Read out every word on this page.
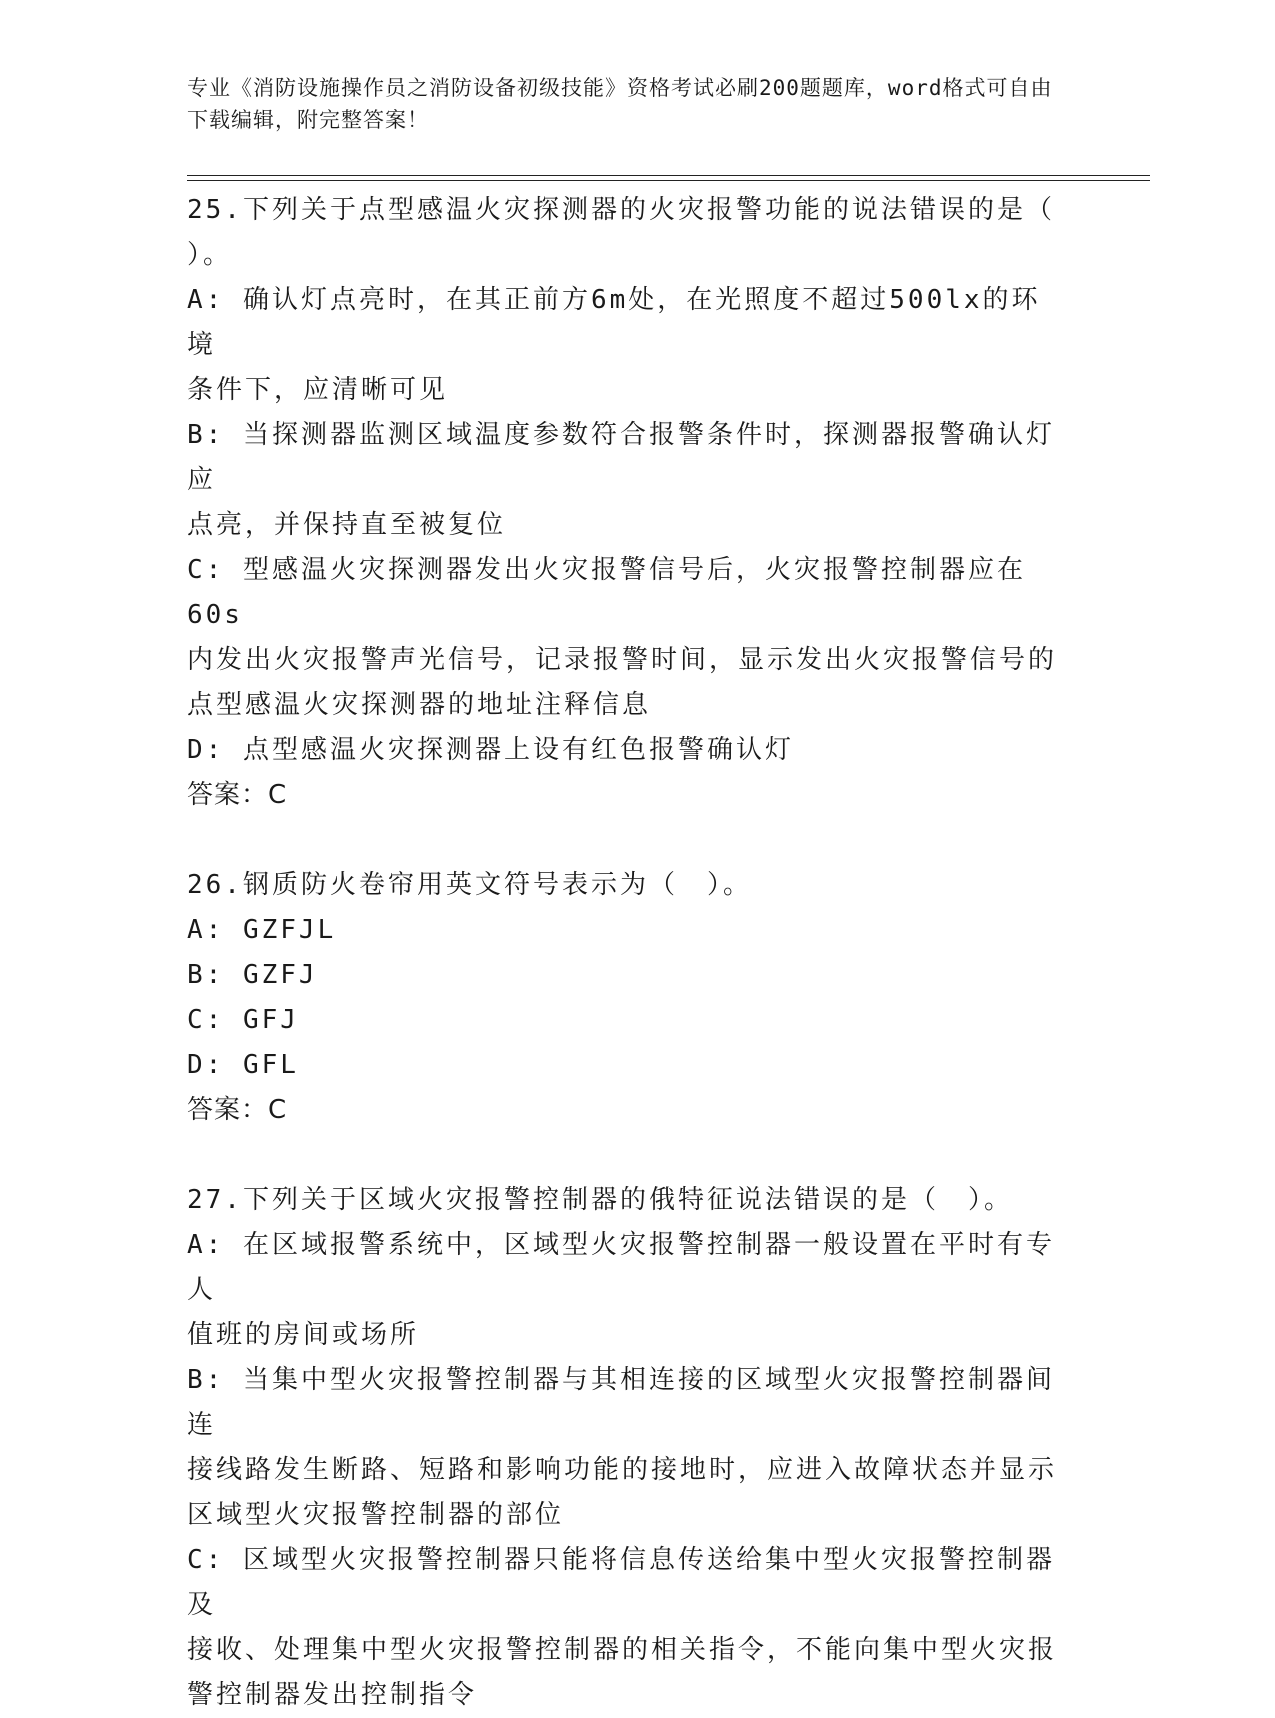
专业《消防设施操作员之消防设备初级技能》资格考试必刷200题题库，word格式可自由下载编辑，附完整答案！
25.下列关于点型感温火灾探测器的火灾报警功能的说法错误的是（
）。
A: 确认灯点亮时，在其正前方6m处，在光照度不超过500lx的环境
条件下，应清晰可见
B: 当探测器监测区域温度参数符合报警条件时，探测器报警确认灯应
点亮，并保持直至被复位
C: 型感温火灾探测器发出火灾报警信号后，火灾报警控制器应在60s
内发出火灾报警声光信号，记录报警时间，显示发出火灾报警信号的
点型感温火灾探测器的地址注释信息
D: 点型感温火灾探测器上设有红色报警确认灯
答案：C
26.钢质防火卷帘用英文符号表示为（　）。
A: GZFJL
B: GZFJ
C: GFJ
D: GFL
答案：C
27.下列关于区域火灾报警控制器的俄特征说法错误的是（　）。
A: 在区域报警系统中，区域型火灾报警控制器一般设置在平时有专人
值班的房间或场所
B: 当集中型火灾报警控制器与其相连接的区域型火灾报警控制器间连
接线路发生断路、短路和影响功能的接地时，应进入故障状态并显示
区域型火灾报警控制器的部位
C: 区域型火灾报警控制器只能将信息传送给集中型火灾报警控制器及
接收、处理集中型火灾报警控制器的相关指令，不能向集中型火灾报
警控制器发出控制指令
